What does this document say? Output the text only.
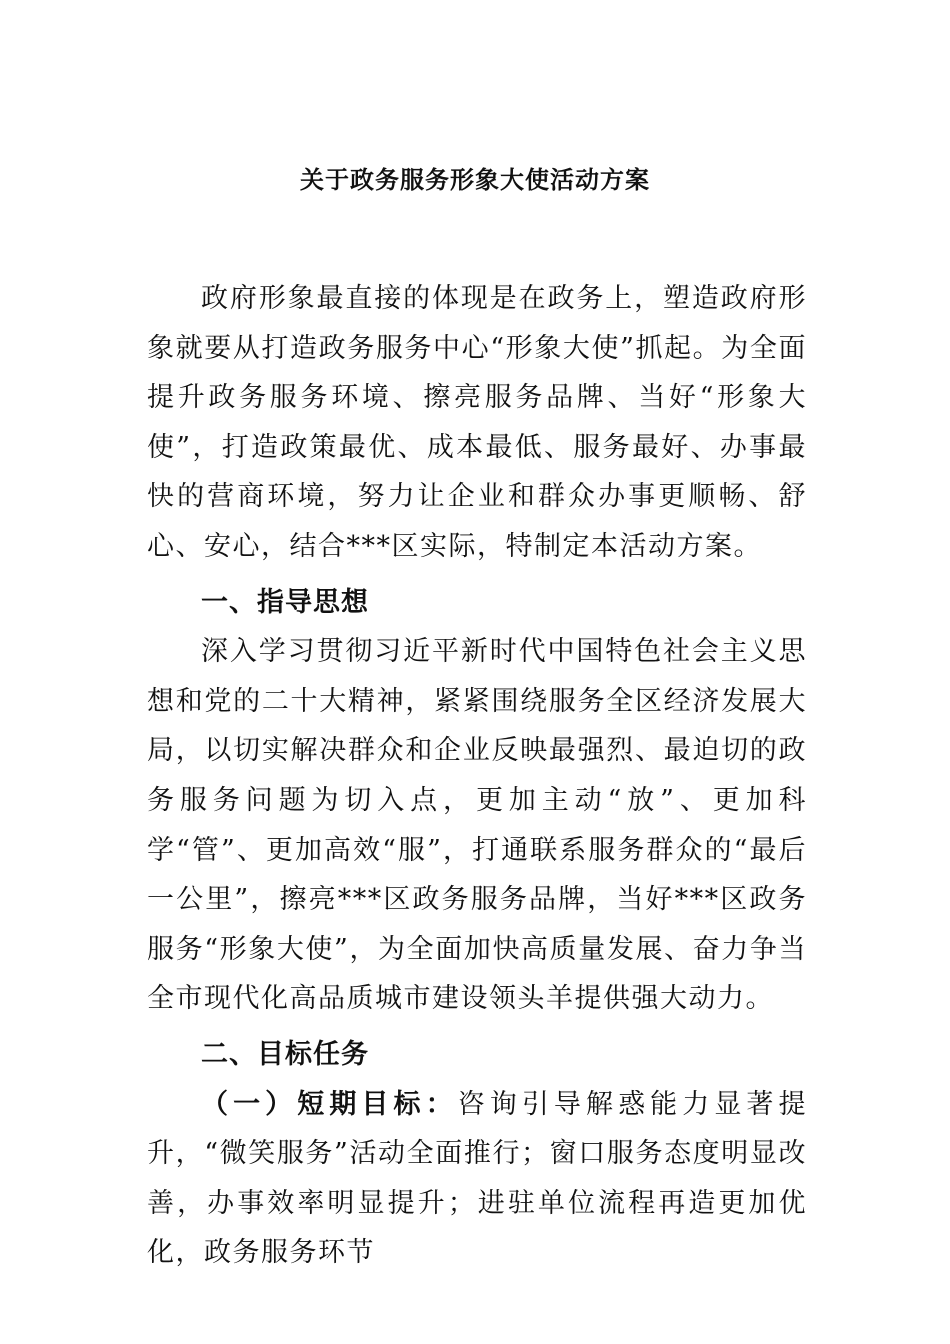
关于政务服务形象大使活动方案

政府形象最直接的体现是在政务上，塑造政府形象就要从打造政务服务中心“形象大使”抓起。为全面提升政务服务环境、擦亮服务品牌、当好“形象大使”，打造政策最优、成本最低、服务最好、办事最快的营商环境，努力让企业和群众办事更顺畅、舒心、安心，结合***区实际，特制定本活动方案。

一、指导思想

深入学习贯彻习近平新时代中国特色社会主义思想和党的二十大精神，紧紧围绕服务全区经济发展大局，以切实解决群众和企业反映最强烈、最迫切的政务服务问题为切入点，更加主动“放”、更加科学“管”、更加高效“服”，打通联系服务群众的“最后一公里”，擦亮***区政务服务品牌，当好***区政务服务“形象大使”，为全面加快高质量发展、奋力争当全市现代化高品质城市建设领头羊提供强大动力。

二、目标任务

（一）短期目标：咨询引导解惑能力显著提升，“微笑服务”活动全面推行；窗口服务态度明显改善，办事效率明显提升；进驻单位流程再造更加优化，政务服务环节
